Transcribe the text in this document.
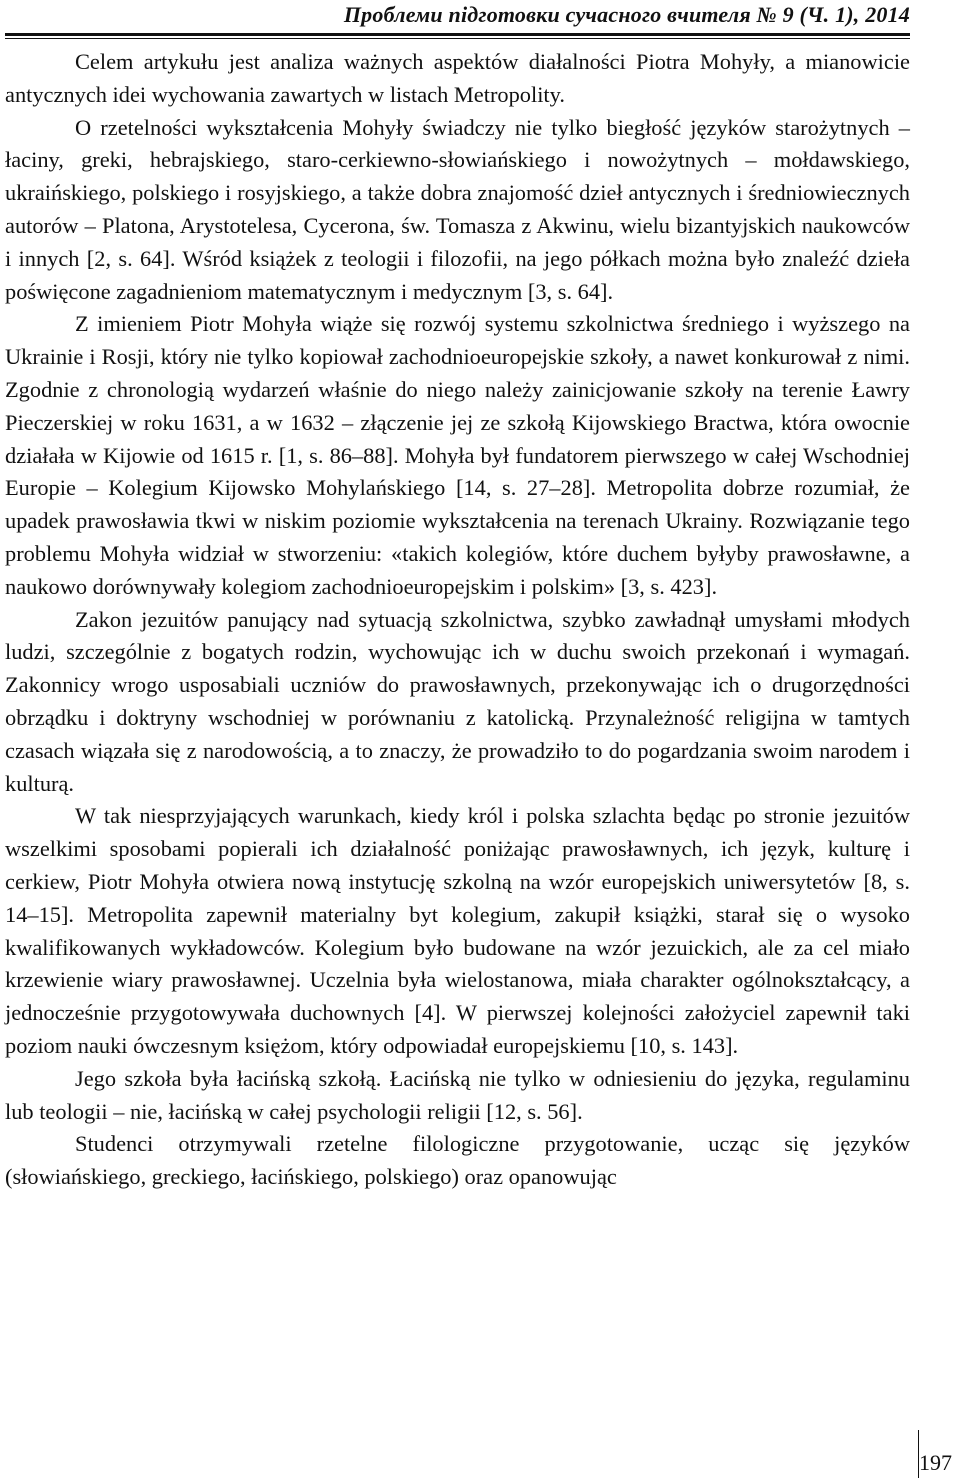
Проблеми підготовки сучасного вчителя № 9 (Ч. 1), 2014

Celem artykułu jest analiza ważnych aspektów diałalności Piotra Mohyły, a mianowicie antycznych idei wychowania zawartych w listach Metropolity.

O rzetelności wykształcenia Mohyły świadczy nie tylko biegłość języków starożytnych – łaciny, greki, hebrajskiego, staro-cerkiewno-słowiańskiego i nowożytnych – mołdawskiego, ukraińskiego, polskiego i rosyjskiego, a także dobra znajomość dzieł antycznych i średniowiecznych autorów – Platona, Arystotelesa, Cycerona, św. Tomasza z Akwinu, wielu bizantyjskich naukowców i innych [2, s. 64]. Wśród książek z teologii i filozofii, na jego półkach można było znaleźć dzieła poświęcone zagadnieniom matematycznym i medycznym [3, s. 64].

Z imieniem Piotr Mohyła wiąże się rozwój systemu szkolnictwa średniego i wyższego na Ukrainie i Rosji, który nie tylko kopiował zachodnioeuropejskie szkoły, a nawet konkurował z nimi. Zgodnie z chronologią wydarzeń właśnie do niego należy zainicjowanie szkoły na terenie Ławry Pieczerskiej w roku 1631, a w 1632 – złączenie jej ze szkołą Kijowskiego Bractwa, która owocnie działała w Kijowie od 1615 r. [1, s. 86–88]. Mohyła był fundatorem pierwszego w całej Wschodniej Europie – Kolegium Kijowsko Mohylańskiego [14, s. 27–28]. Metropolita dobrze rozumiał, że upadek prawosławia tkwi w niskim poziomie wykształcenia na terenach Ukrainy. Rozwiązanie tego problemu Mohyła widział w stworzeniu: «takich kolegiów, które duchem byłyby prawosławne, a naukowo dorównywały kolegiom zachodnioeuropejskim i polskim» [3, s. 423].

Zakon jezuitów panujący nad sytuacją szkolnictwa, szybko zawładnął umysłami młodych ludzi, szczególnie z bogatych rodzin, wychowując ich w duchu swoich przekonań i wymagań. Zakonnicy wrogo usposabiali uczniów do prawosławnych, przekonywając ich o drugorzędności obrządku i doktryny wschodniej w porównaniu z katolicką. Przynależność religijna w tamtych czasach wiązała się z narodowością, a to znaczy, że prowadziło to do pogardzania swoim narodem i kulturą.

W tak niesprzyjających warunkach, kiedy król i polska szlachta będąc po stronie jezuitów wszelkimi sposobami popierali ich działalność poniżając prawosławnych, ich język, kulturę i cerkiew, Piotr Mohyła otwiera nową instytucję szkolną na wzór europejskich uniwersytetów [8, s. 14–15]. Metropolita zapewnił materialny byt kolegium, zakupił książki, starał się o wysoko kwalifikowanych wykładowców. Kolegium było budowane na wzór jezuickich, ale za cel miało krzewienie wiary prawosławnej. Uczelnia była wielostanowa, miała charakter ogólnokształcący, a jednocześnie przygotowywała duchownych [4]. W pierwszej kolejności założyciel zapewnił taki poziom nauki ówczesnym księżom, który odpowiadał europejskiemu [10, s. 143].

Jego szkoła była łacińską szkołą. Łacińską nie tylko w odniesieniu do języka, regulaminu lub teologii – nie, łacińską w całej psychologii religii [12, s. 56].

Studenci otrzymywali rzetelne filologiczne przygotowanie, ucząc się języków (słowiańskiego, greckiego, łacińskiego, polskiego) oraz opanowując

197
